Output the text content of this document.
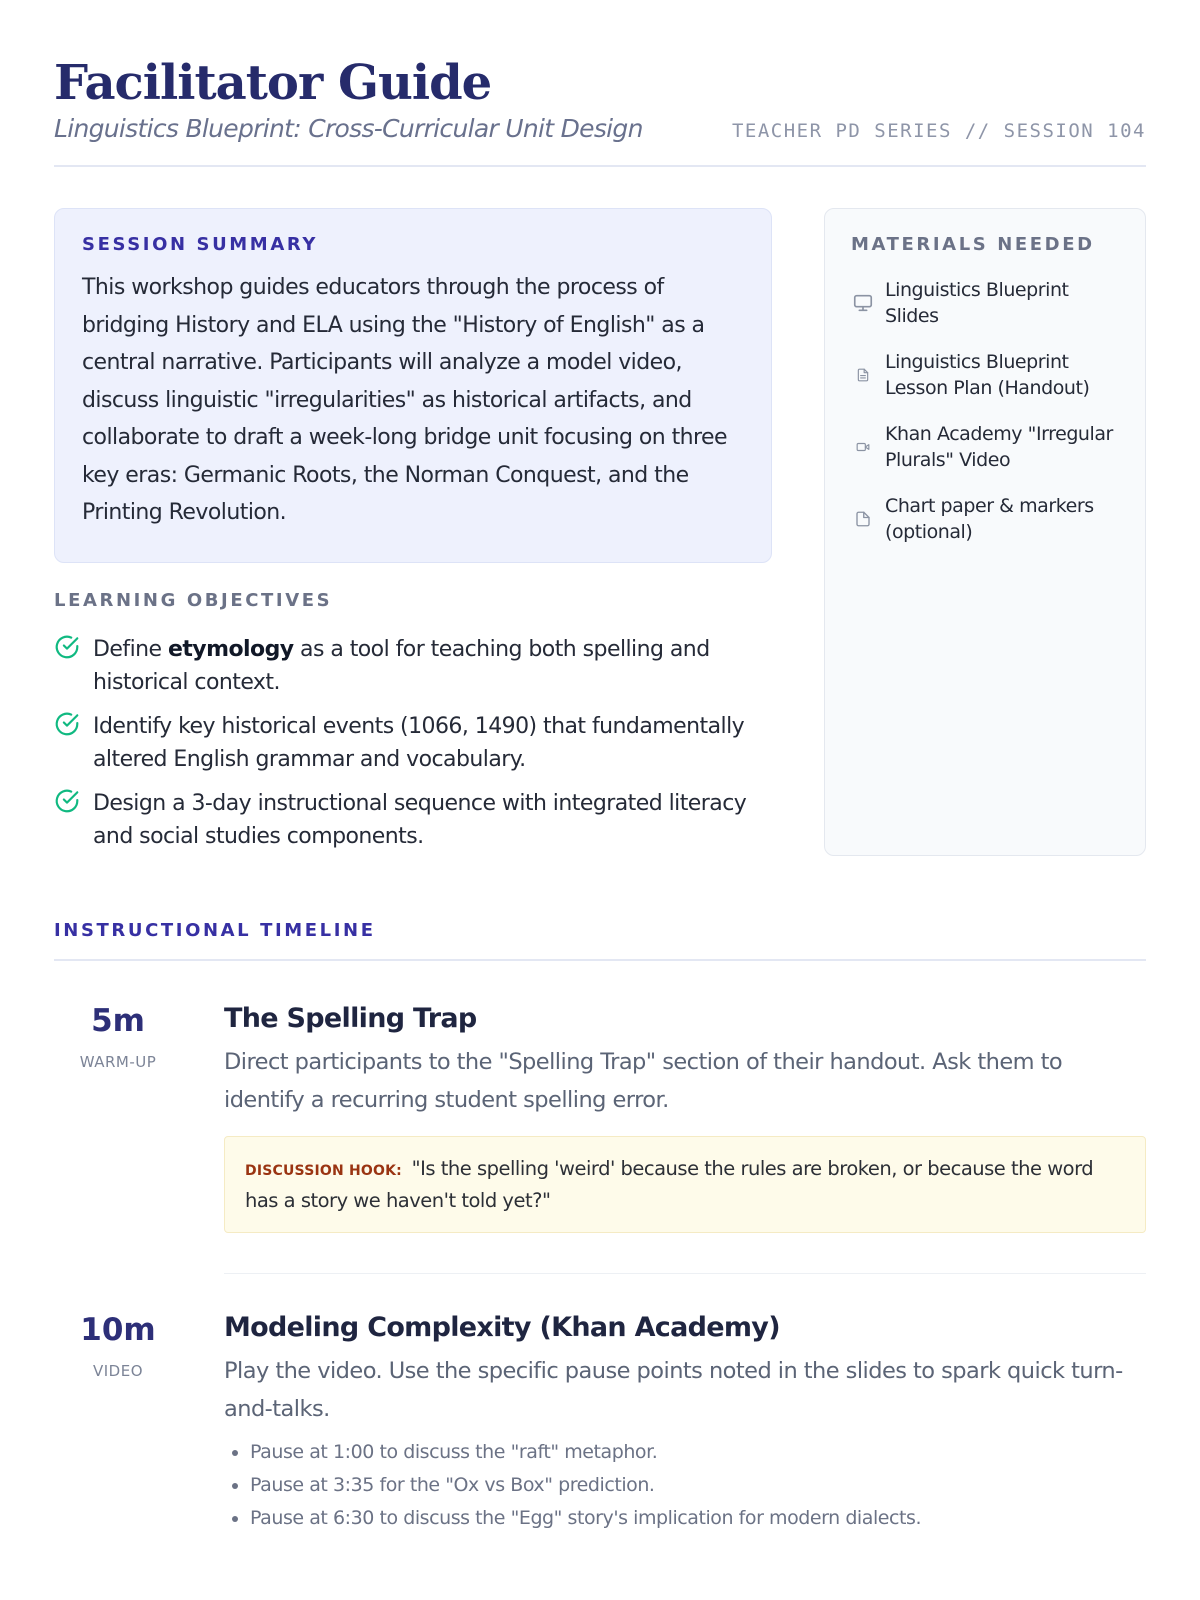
Facilitator Guide
Linguistics Blueprint: Cross-Curricular Unit Design	TEACHER PD SERIES // SESSION 104
SESSION SUMMARY
This workshop guides educators through the process of bridging History and ELA using the "History of English" as a central narrative. Participants will analyze a model video, discuss linguistic "irregularities" as historical artifacts, and collaborate to draft a week-long bridge unit focusing on three key eras: Germanic Roots, the Norman Conquest, and the Printing Revolution.
LEARNING OBJECTIVES
Define etymology as a tool for teaching both spelling and historical context.
Identify key historical events (1066, 1490) that fundamentally altered English grammar and vocabulary.
Design a 3-day instructional sequence with integrated literacy and social studies components.
MATERIALS NEEDED
Linguistics Blueprint Slides
Linguistics Blueprint Lesson Plan (Handout)
Khan Academy "Irregular Plurals" Video
Chart paper & markers (optional)
INSTRUCTIONAL TIMELINE
5m
WARM-UP
The Spelling Trap
Direct participants to the "Spelling Trap" section of their handout. Ask them to identify a recurring student spelling error.
DISCUSSION HOOK: "Is the spelling 'weird' because the rules are broken, or because the word has a story we haven't told yet?"
10m
VIDEO
Modeling Complexity (Khan Academy)
Play the video. Use the specific pause points noted in the slides to spark quick turn-and-talks.
• Pause at 1:00 to discuss the "raft" metaphor.
• Pause at 3:35 for the "Ox vs Box" prediction.
• Pause at 6:30 to discuss the "Egg" story's implication for modern dialects.
